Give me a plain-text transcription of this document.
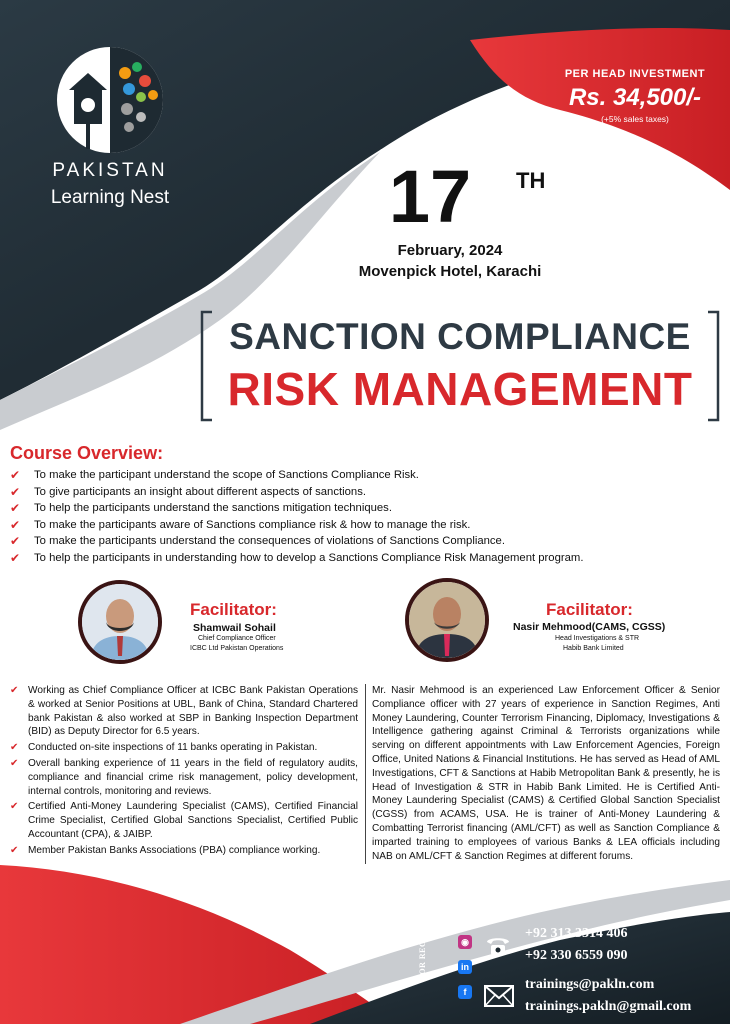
PAKISTAN
Learning Nest
PER HEAD INVESTMENT
Rs. 34,500/-
(+5% sales taxes)
17	TH
February, 2024
Movenpick Hotel, Karachi
SANCTION COMPLIANCE
RISK MANAGEMENT
Course Overview:
✔	To make the participant understand the scope of Sanctions Compliance Risk.
✔	To give participants an insight about different aspects of sanctions.
✔	To help the participants understand the sanctions mitigation techniques.
✔	To make the participants aware of Sanctions compliance risk & how to manage the risk.
✔	To make the participants understand the consequences of violations of Sanctions Compliance.
✔	To help the participants in understanding how to develop a Sanctions Compliance Risk Management program.
Facilitator:
Shamwail Sohail
Chief Compliance Officer
ICBC Ltd Pakistan Operations
Facilitator:
Nasir Mehmood(CAMS, CGSS)
Head Investigations & STR
Habib Bank Limited
✔ Working as Chief Compliance Officer at ICBC Bank Pakistan Operations & worked at Senior Positions at UBL, Bank of China, Standard Chartered bank Pakistan & also worked at SBP in Banking Inspection Department (BID) as Deputy Director for 6.5 years.
✔ Conducted on-site inspections of 11 banks operating in Pakistan.
✔ Overall banking experience of 11 years in the field of regulatory audits, compliance and financial crime risk management, policy development, internal controls, monitoring and reviews.
✔ Certified Anti-Money Laundering Specialist (CAMS), Certified Financial Crime Specialist, Certified Global Sanctions Specialist, Certified Public Accountant (CPA), & JAIBP.
✔ Member Pakistan Banks Associations (PBA) compliance working.
Mr. Nasir Mehmood is an experienced Law Enforcement Officer & Senior Compliance officer with 27 years of experience in Sanction Regimes, Anti Money Laundering, Counter Terrorism Financing, Diplomacy, Investigations & Intelligence gathering against Criminal & Terrorists organizations while serving on different appointments with Law Enforcement Agencies, Foreign Office, United Nations & Financial Institutions. He has served as Head of AML Investigations, CFT & Sanctions at Habib Metropolitan Bank & presently, he is Head of Investigation & STR in Habib Bank Limited. He is Certified Anti-Money Laundering Specialist (CAMS) & Certified Global Sanction Specialist (CGSS) from ACAMS, USA. He is trainer of Anti-Money Laundering & Combatting Terrorist financing (AML/CFT) as well as Sanction Compliance & imparted training to employees of various Banks & LEA officials including NAB on AML/CFT & Sanction Regimes at different forums.
FOR REGISTRATION:	◉
in
f
+92 313 3314 406
+92 330 6559 090
trainings@pakln.com
trainings.pakln@gmail.com
